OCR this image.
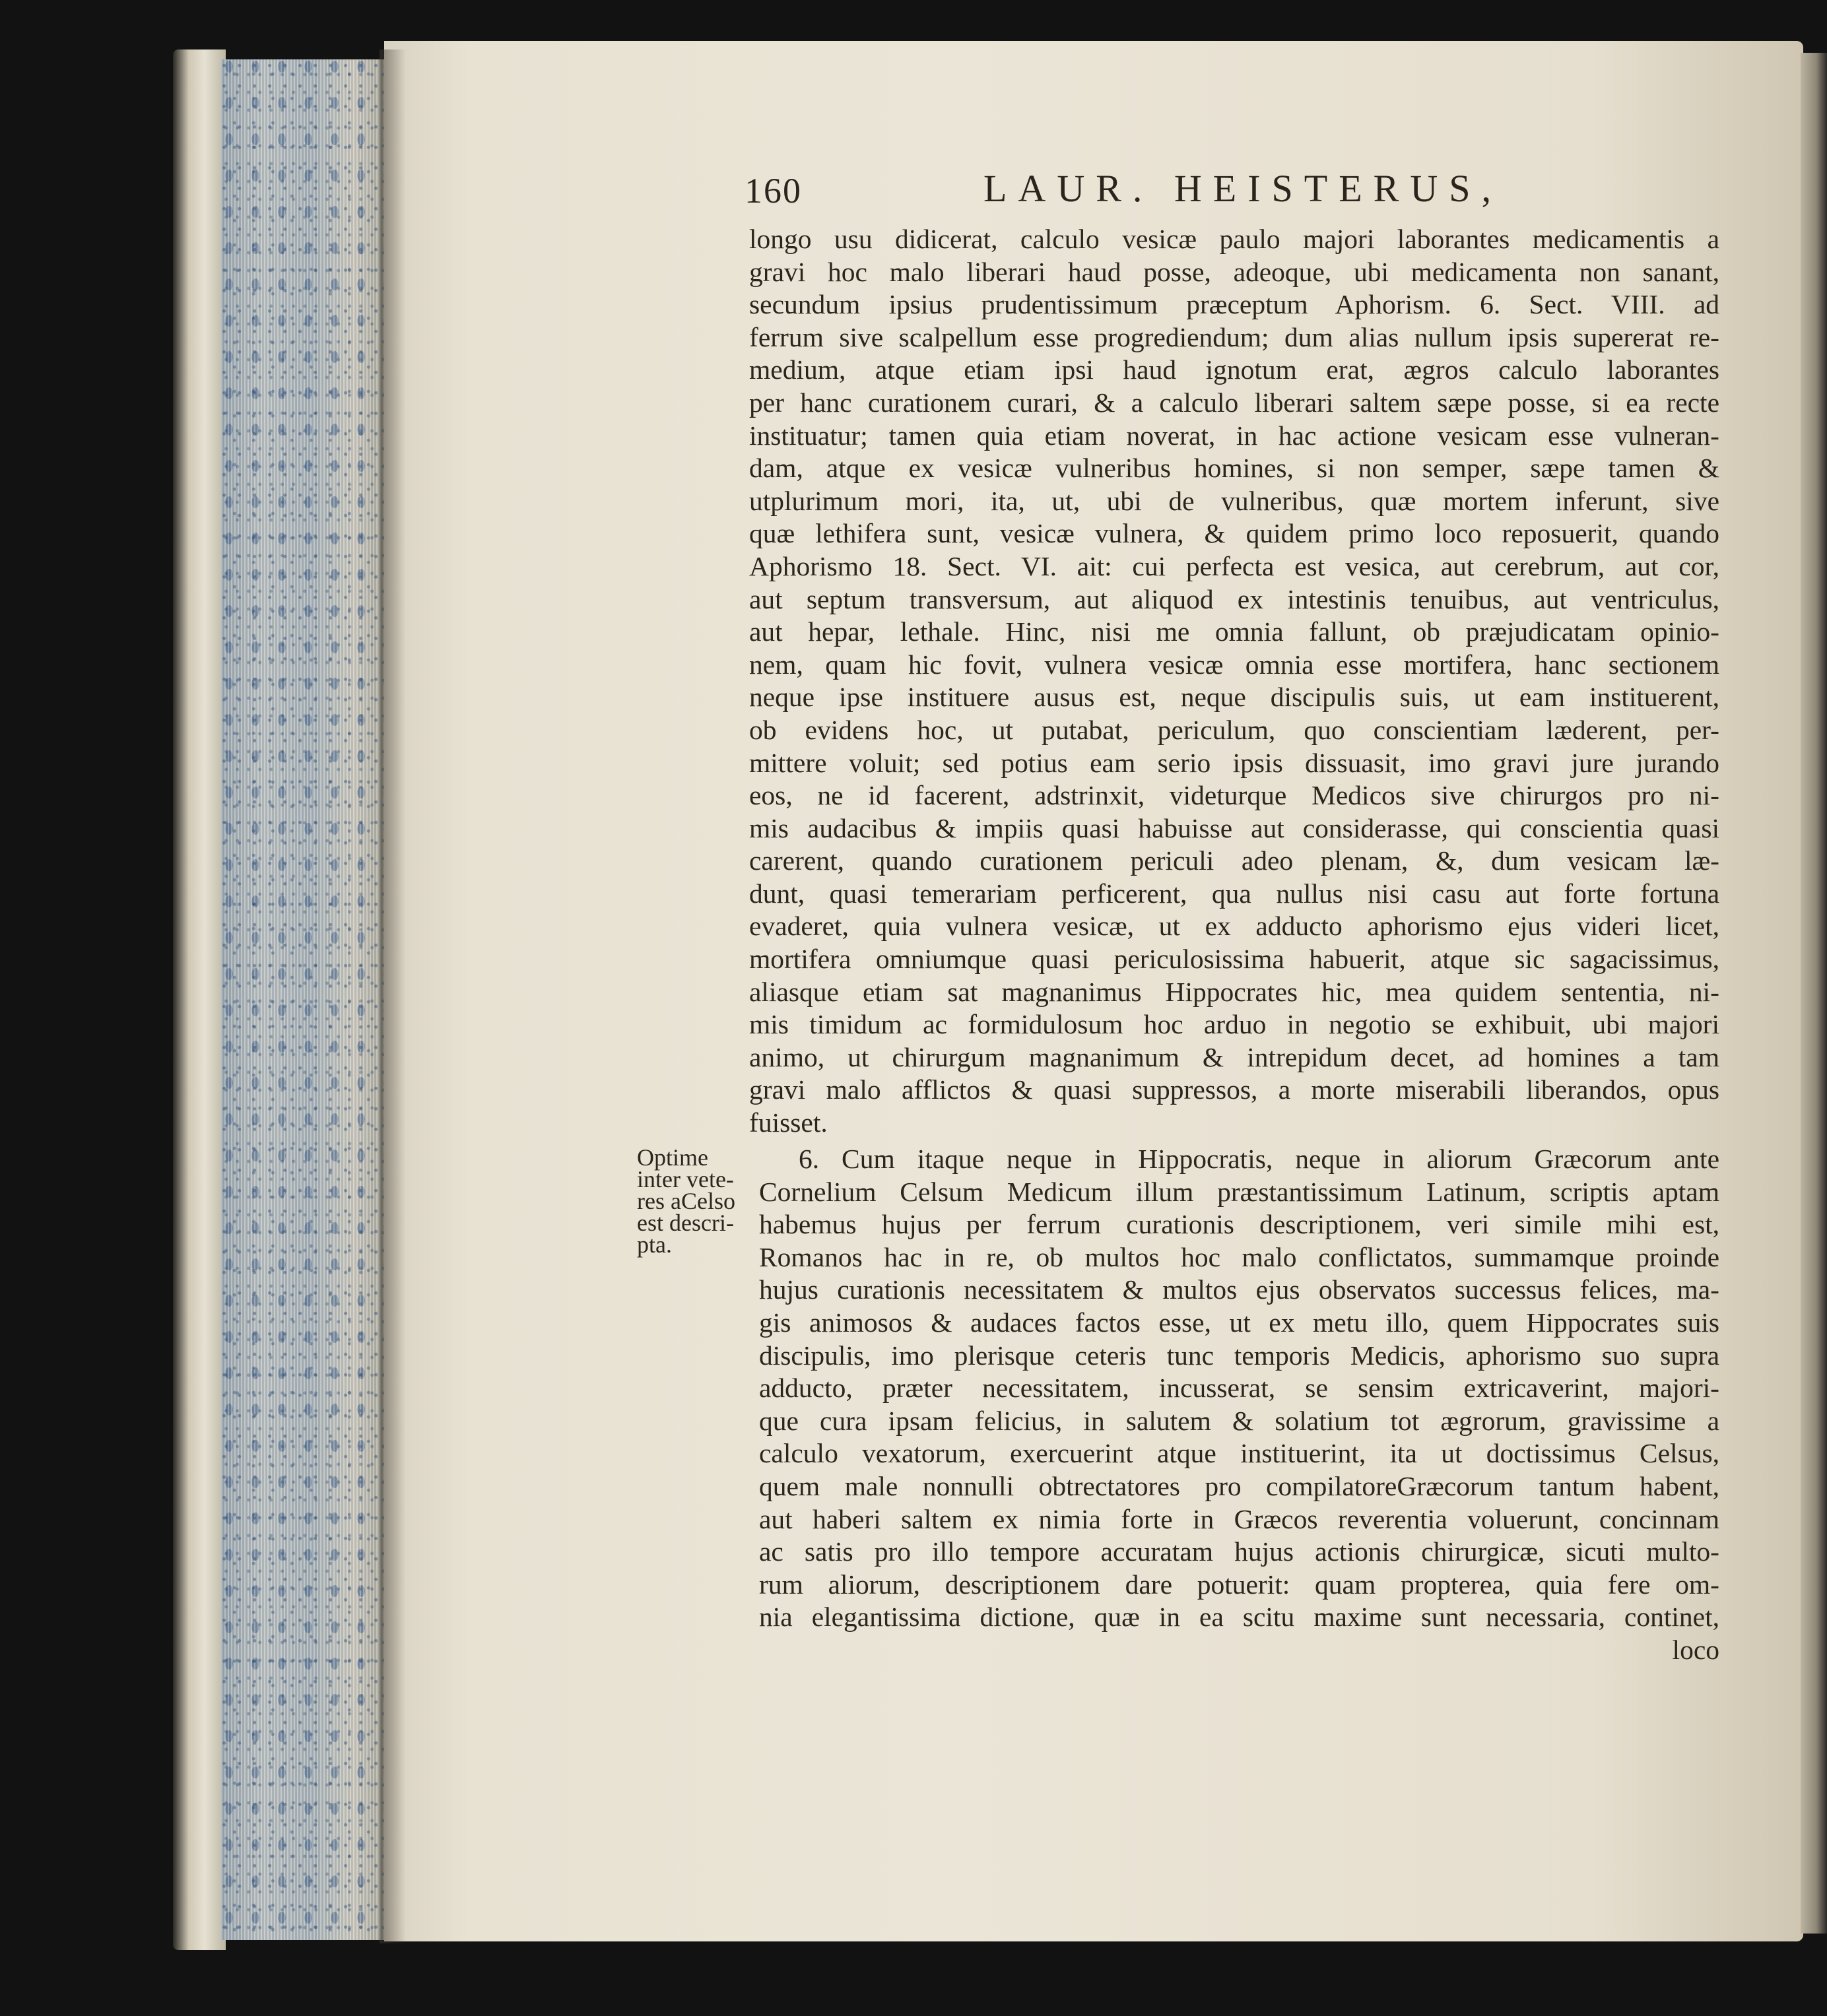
160	LAUR. HEISTERUS,
longo usu didicerat, calculo vesicæ paulo majori laborantes medicamentis a
gravi hoc malo liberari haud posse, adeoque, ubi medicamenta non sanant,
secundum ipsius prudentissimum præceptum Aphorism. 6. Sect. VIII. ad
ferrum sive scalpellum esse progrediendum; dum alias nullum ipsis supererat re-
medium, atque etiam ipsi haud ignotum erat, ægros calculo laborantes
per hanc curationem curari, & a calculo liberari saltem sæpe posse, si ea recte
instituatur; tamen quia etiam noverat, in hac actione vesicam esse vulneran-
dam, atque ex vesicæ vulneribus homines, si non semper, sæpe tamen &
utplurimum mori, ita, ut, ubi de vulneribus, quæ mortem inferunt, sive
quæ lethifera sunt, vesicæ vulnera, & quidem primo loco reposuerit, quando
Aphorismo 18. Sect. VI. ait: cui perfecta est vesica, aut cerebrum, aut cor,
aut septum transversum, aut aliquod ex intestinis tenuibus, aut ventriculus,
aut hepar, lethale. Hinc, nisi me omnia fallunt, ob præjudicatam opinio-
nem, quam hic fovit, vulnera vesicæ omnia esse mortifera, hanc sectionem
neque ipse instituere ausus est, neque discipulis suis, ut eam instituerent,
ob evidens hoc, ut putabat, periculum, quo conscientiam læderent, per-
mittere voluit; sed potius eam serio ipsis dissuasit, imo gravi jure jurando
eos, ne id facerent, adstrinxit, videturque Medicos sive chirurgos pro ni-
mis audacibus & impiis quasi habuisse aut considerasse, qui conscientia quasi
carerent, quando curationem periculi adeo plenam, &, dum vesicam læ-
dunt, quasi temerariam perficerent, qua nullus nisi casu aut forte fortuna
evaderet, quia vulnera vesicæ, ut ex adducto aphorismo ejus videri licet,
mortifera omniumque quasi periculosissima habuerit, atque sic sagacissimus,
aliasque etiam sat magnanimus Hippocrates hic, mea quidem sententia, ni-
mis timidum ac formidulosum hoc arduo in negotio se exhibuit, ubi majori
animo, ut chirurgum magnanimum & intrepidum decet, ad homines a tam
gravi malo afflictos & quasi suppressos, a morte miserabili liberandos, opus
fuisset.
Optime
inter vete-
res aCelso
est descri-
pta.
6. Cum itaque neque in Hippocratis, neque in aliorum Græcorum ante
Cornelium Celsum Medicum illum præstantissimum Latinum, scriptis aptam
habemus hujus per ferrum curationis descriptionem, veri simile mihi est,
Romanos hac in re, ob multos hoc malo conflictatos, summamque proinde
hujus curationis necessitatem & multos ejus observatos successus felices, ma-
gis animosos & audaces factos esse, ut ex metu illo, quem Hippocrates suis
discipulis, imo plerisque ceteris tunc temporis Medicis, aphorismo suo supra
adducto, præter necessitatem, incusserat, se sensim extricaverint, majori-
que cura ipsam felicius, in salutem & solatium tot ægrorum, gravissime a
calculo vexatorum, exercuerint atque instituerint, ita ut doctissimus Celsus,
quem male nonnulli obtrectatores pro compilatoreGræcorum tantum habent,
aut haberi saltem ex nimia forte in Græcos reverentia voluerunt, concinnam
ac satis pro illo tempore accuratam hujus actionis chirurgicæ, sicuti multo-
rum aliorum, descriptionem dare potuerit: quam propterea, quia fere om-
nia elegantissima dictione, quæ in ea scitu maxime sunt necessaria, continet,
loco
